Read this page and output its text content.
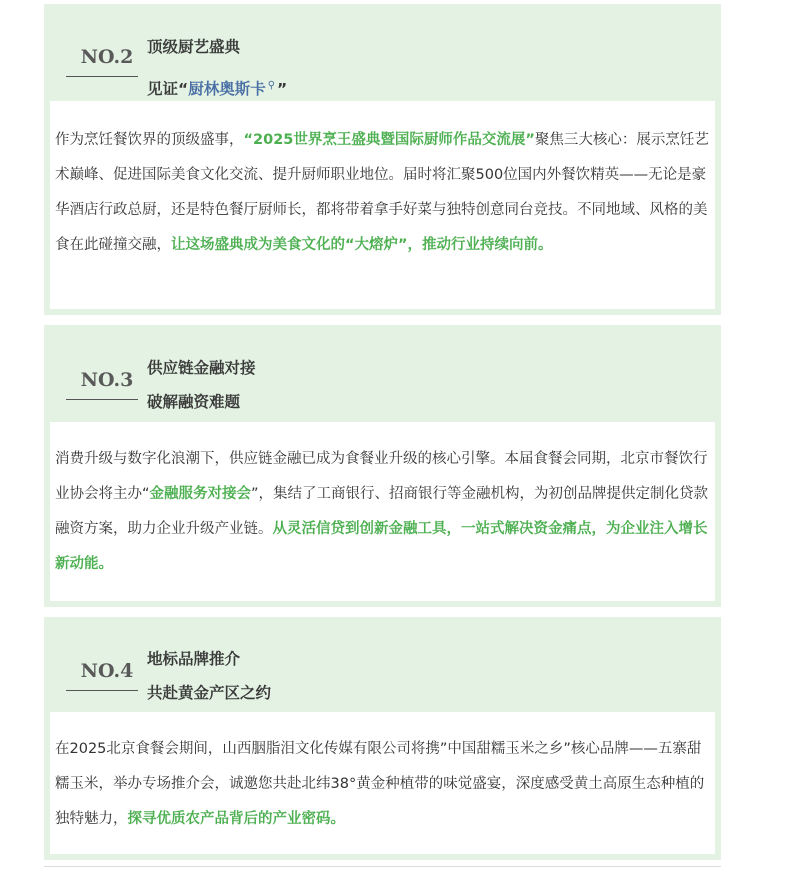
NO.2 顶级厨艺盛典
见证“厨林奥斯卡 ⚲ ”

作为烹饪餐饮界的顶级盛事，“2025世界烹王盛典暨国际厨师作品交流展”聚焦三大核心：展示烹饪艺术巅峰、促进国际美食文化交流、提升厨师职业地位。届时将汇聚500位国内外餐饮精英——无论是豪华酒店行政总厨，还是特色餐厅厨师长，都将带着拿手好菜与独特创意同台竞技。不同地域、风格的美食在此碰撞交融，让这场盛典成为美食文化的“大熔炉”，推动行业持续向前。

NO.3
供应链金融对接
破解融资难题

消费升级与数字化浪潮下，供应链金融已成为食餐业升级的核心引擎。本届食餐会同期，北京市餐饮行业协会将主办“金融服务对接会”，集结了工商银行、招商银行等金融机构，为初创品牌提供定制化贷款融资方案，助力企业升级产业链。从灵活信贷到创新金融工具，一站式解决资金痛点，为企业注入增长新动能。

NO.4
地标品牌推介
共赴黄金产区之约

在2025北京食餐会期间，山西胭脂泪文化传媒有限公司将携”中国甜糯玉米之乡”核心品牌——五寨甜糯玉米，举办专场推介会，诚邀您共赴北纬38°黄金种植带的味觉盛宴，深度感受黄土高原生态种植的独特魅力，探寻优质农产品背后的产业密码。
